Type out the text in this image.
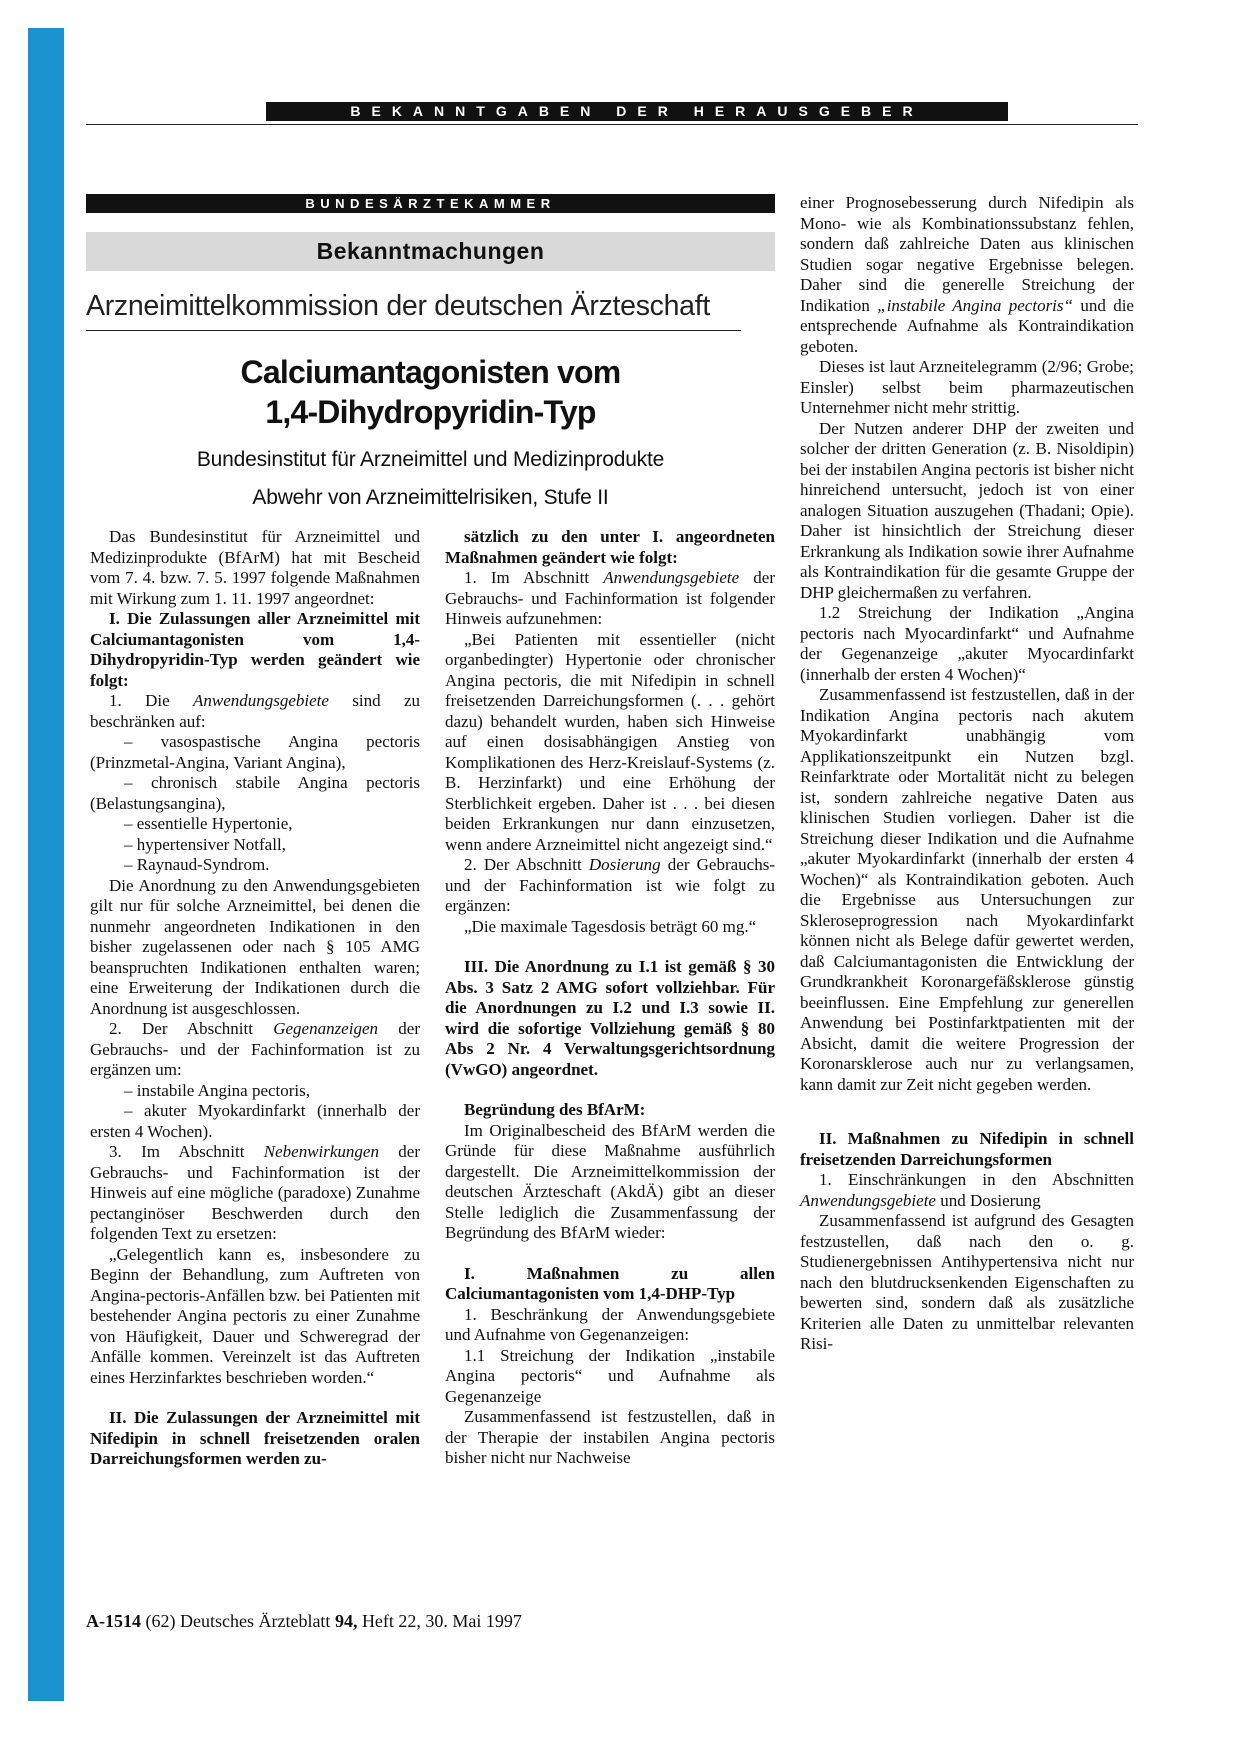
BEKANNTGABEN DER HERAUSGEBER
BUNDESÄRZTEKAMMER
Bekanntmachungen
Arzneimittelkommission der deutschen Ärzteschaft
Calciumantagonisten vom
1,4-Dihydropyridin-Typ
Bundesinstitut für Arzneimittel und Medizinprodukte
Abwehr von Arzneimittelrisiken, Stufe II

Das Bundesinstitut für Arzneimittel und Medizinprodukte (BfArM) hat mit Bescheid vom 7. 4. bzw. 7. 5. 1997 folgende Maßnahmen mit Wirkung zum 1. 11. 1997 angeordnet:

I. Die Zulassungen aller Arzneimittel mit Calciumantagonisten vom 1,4-Dihydropyridin-Typ werden geändert wie folgt:

1. Die Anwendungsgebiete sind zu beschränken auf:

– vasospastische Angina pectoris (Prinzmetal-Angina, Variant Angina),

– chronisch stabile Angina pectoris (Belastungsangina),

– essentielle Hypertonie,

– hypertensiver Notfall,

– Raynaud-Syndrom.

Die Anordnung zu den Anwendungsgebieten gilt nur für solche Arzneimittel, bei denen die nunmehr angeordneten Indikationen in den bisher zugelassenen oder nach § 105 AMG beanspruchten Indikationen enthalten waren; eine Erweiterung der Indikationen durch die Anordnung ist ausgeschlossen.

2. Der Abschnitt Gegenanzeigen der Gebrauchs- und der Fachinformation ist zu ergänzen um:

– instabile Angina pectoris,

– akuter Myokardinfarkt (innerhalb der ersten 4 Wochen).

3. Im Abschnitt Nebenwirkungen der Gebrauchs- und Fachinformation ist der Hinweis auf eine mögliche (paradoxe) Zunahme pectanginöser Beschwerden durch den folgenden Text zu ersetzen:

„Gelegentlich kann es, insbesondere zu Beginn der Behandlung, zum Auftreten von Angina-pectoris-Anfällen bzw. bei Patienten mit bestehender Angina pectoris zu einer Zunahme von Häufigkeit, Dauer und Schweregrad der Anfälle kommen. Vereinzelt ist das Auftreten eines Herzinfarktes beschrieben worden.“

II. Die Zulassungen der Arzneimittel mit Nifedipin in schnell freisetzenden oralen Darreichungsformen werden zu-

sätzlich zu den unter I. angeordneten Maßnahmen geändert wie folgt:

1. Im Abschnitt Anwendungsgebiete der Gebrauchs- und Fachinformation ist folgender Hinweis aufzunehmen:

„Bei Patienten mit essentieller (nicht organbedingter) Hypertonie oder chronischer Angina pectoris, die mit Nifedipin in schnell freisetzenden Darreichungsformen (. . . gehört dazu) behandelt wurden, haben sich Hinweise auf einen dosisabhängigen Anstieg von Komplikationen des Herz-Kreislauf-Systems (z. B. Herzinfarkt) und eine Erhöhung der Sterblichkeit ergeben. Daher ist . . . bei diesen beiden Erkrankungen nur dann einzusetzen, wenn andere Arzneimittel nicht angezeigt sind.“

2. Der Abschnitt Dosierung der Gebrauchs- und der Fachinformation ist wie folgt zu ergänzen:

„Die maximale Tagesdosis beträgt 60 mg.“

III. Die Anordnung zu I.1 ist gemäß § 30 Abs. 3 Satz 2 AMG sofort vollziehbar. Für die Anordnungen zu I.2 und I.3 sowie II. wird die sofortige Vollziehung gemäß § 80 Abs 2 Nr. 4 Verwaltungsgerichtsordnung (VwGO) angeordnet.

Begründung des BfArM:

Im Originalbescheid des BfArM werden die Gründe für diese Maßnahme ausführlich dargestellt. Die Arzneimittelkommission der deutschen Ärzteschaft (AkdÄ) gibt an dieser Stelle lediglich die Zusammenfassung der Begründung des BfArM wieder:

I. Maßnahmen zu allen Calciumantagonisten vom 1,4-DHP-Typ

1. Beschränkung der Anwendungsgebiete und Aufnahme von Gegenanzeigen:

1.1 Streichung der Indikation „instabile Angina pectoris“ und Aufnahme als Gegenanzeige

Zusammenfassend ist festzustellen, daß in der Therapie der instabilen Angina pectoris bisher nicht nur Nachweise

einer Prognosebesserung durch Nifedipin als Mono- wie als Kombinationssubstanz fehlen, sondern daß zahlreiche Daten aus klinischen Studien sogar negative Ergebnisse belegen. Daher sind die generelle Streichung der Indikation „instabile Angina pectoris“ und die entsprechende Aufnahme als Kontraindikation geboten.

Dieses ist laut Arzneitelegramm (2/96; Grobe; Einsler) selbst beim pharmazeutischen Unternehmer nicht mehr strittig.

Der Nutzen anderer DHP der zweiten und solcher der dritten Generation (z. B. Nisoldipin) bei der instabilen Angina pectoris ist bisher nicht hinreichend untersucht, jedoch ist von einer analogen Situation auszugehen (Thadani; Opie). Daher ist hinsichtlich der Streichung dieser Erkrankung als Indikation sowie ihrer Aufnahme als Kontraindikation für die gesamte Gruppe der DHP gleichermaßen zu verfahren.

1.2 Streichung der Indikation „Angina pectoris nach Myocardinfarkt“ und Aufnahme der Gegenanzeige „akuter Myocardinfarkt (innerhalb der ersten 4 Wochen)“

Zusammenfassend ist festzustellen, daß in der Indikation Angina pectoris nach akutem Myokardinfarkt unabhängig vom Applikationszeitpunkt ein Nutzen bzgl. Reinfarktrate oder Mortalität nicht zu belegen ist, sondern zahlreiche negative Daten aus klinischen Studien vorliegen. Daher ist die Streichung dieser Indikation und die Aufnahme „akuter Myokardinfarkt (innerhalb der ersten 4 Wochen)“ als Kontraindikation geboten. Auch die Ergebnisse aus Untersuchungen zur Skleroseprogression nach Myokardinfarkt können nicht als Belege dafür gewertet werden, daß Calciumantagonisten die Entwicklung der Grundkrankheit Koronargefäßsklerose günstig beeinflussen. Eine Empfehlung zur generellen Anwendung bei Postinfarktpatienten mit der Absicht, damit die weitere Progression der Koronarsklerose auch nur zu verlangsamen, kann damit zur Zeit nicht gegeben werden.

II. Maßnahmen zu Nifedipin in schnell freisetzenden Darreichungsformen

1. Einschränkungen in den Abschnitten Anwendungsgebiete und Dosierung

Zusammenfassend ist aufgrund des Gesagten festzustellen, daß nach den o. g. Studienergebnissen Antihypertensiva nicht nur nach den blutdrucksenkenden Eigenschaften zu bewerten sind, sondern daß als zusätzliche Kriterien alle Daten zu unmittelbar relevanten Risi-

A-1514 (62) Deutsches Ärzteblatt 94, Heft 22, 30. Mai 1997
